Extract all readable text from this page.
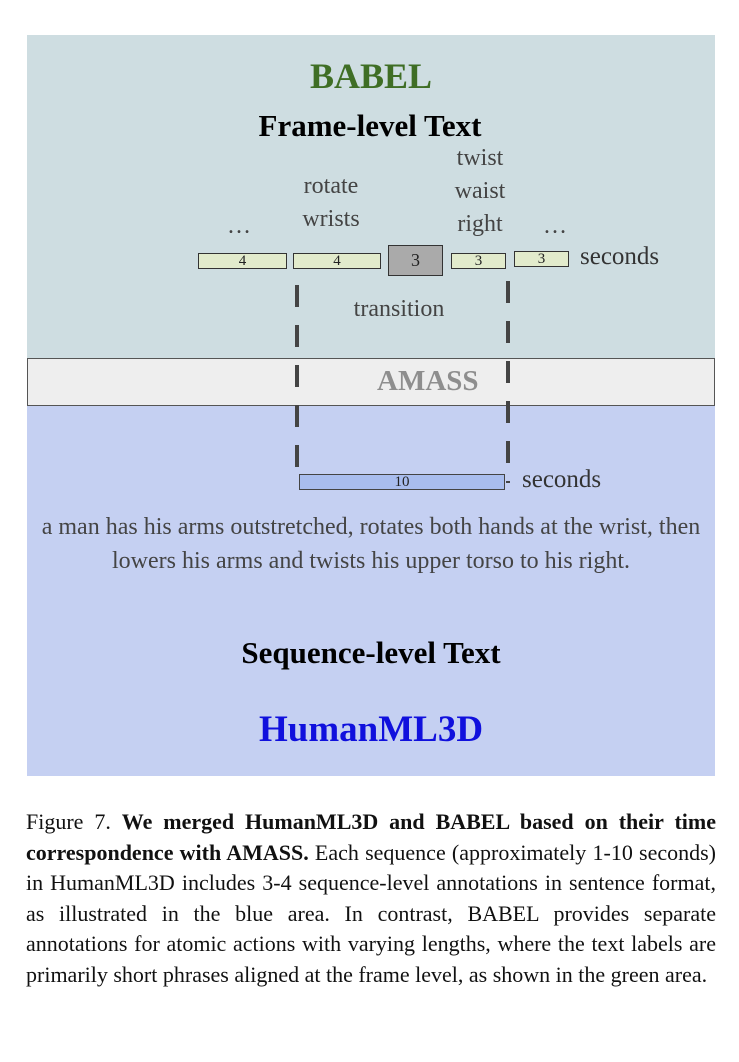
BABEL
Frame-level Text
…
rotate
wrists
twist
waist
right …
4	4	3	3	3	seconds
transition
AMASS
10	seconds
a man has his arms outstretched, rotates both hands at the wrist, then lowers his arms and twists his upper torso to his right.
Sequence-level Text
HumanML3D
Figure 7. We merged HumanML3D and BABEL based on their time correspondence with AMASS. Each sequence (approximately 1-10 seconds) in HumanML3D includes 3-4 sequence-level annotations in sentence format, as illustrated in the blue area. In contrast, BABEL provides separate annotations for atomic actions with varying lengths, where the text labels are primarily short phrases aligned at the frame level, as shown in the green area.
